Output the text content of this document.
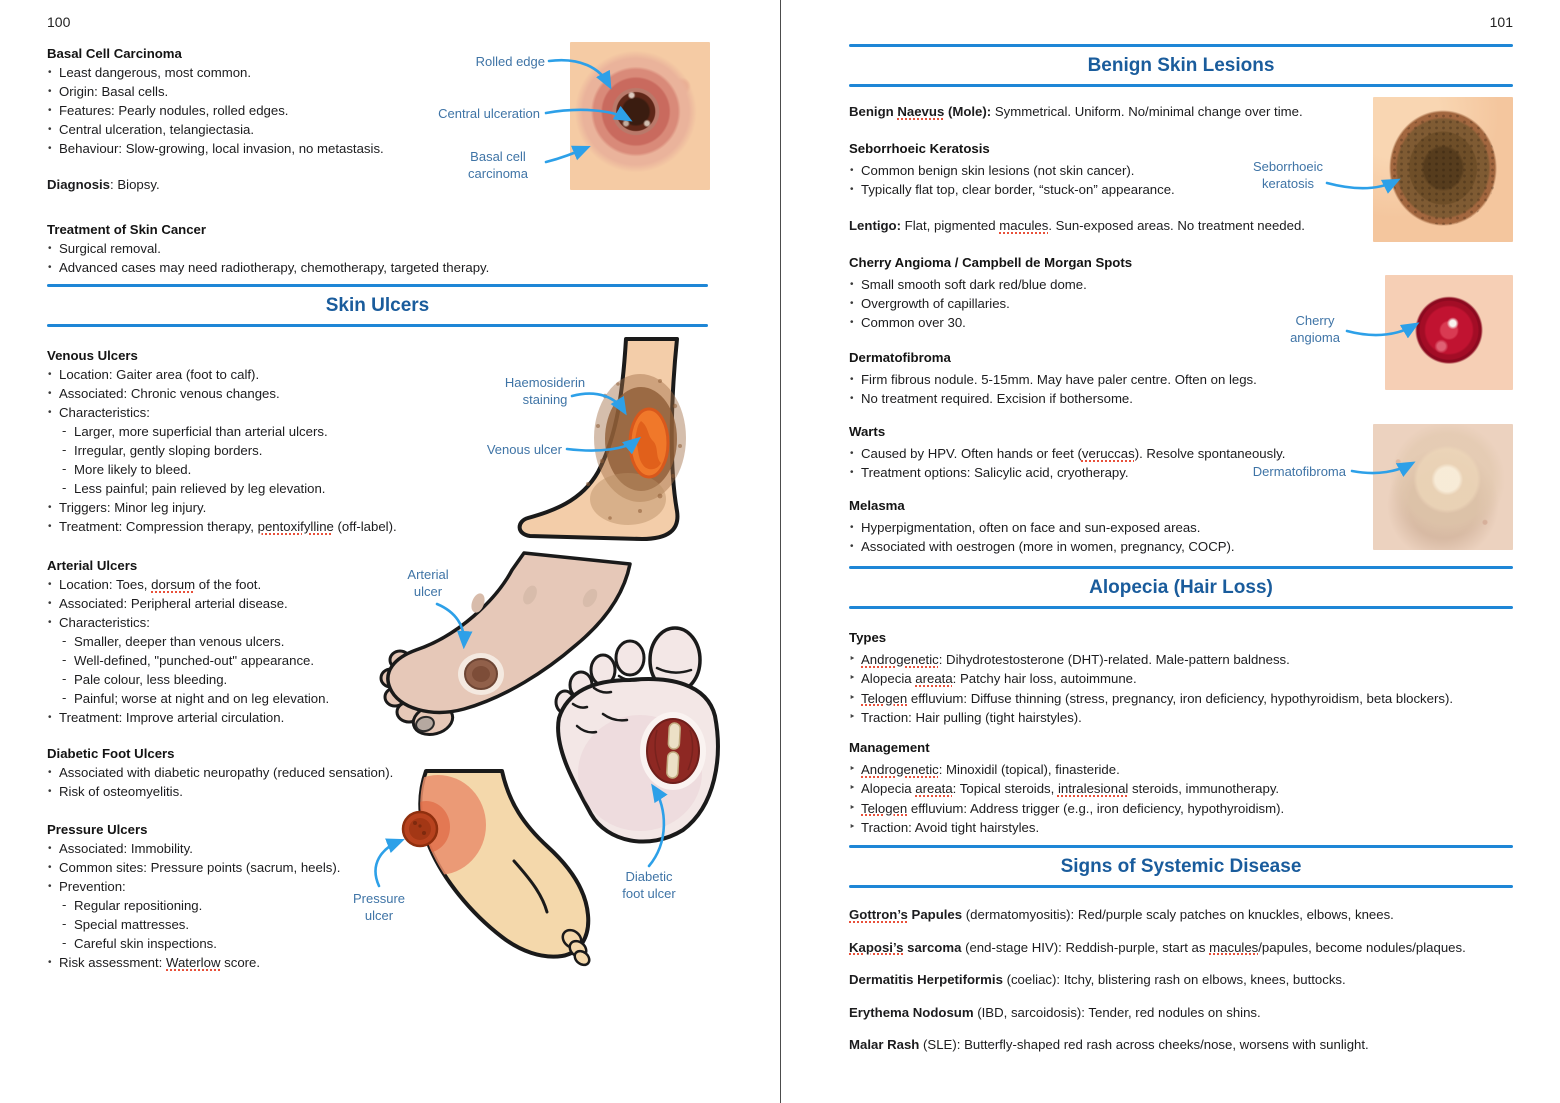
100
Basal Cell Carcinoma
• Least dangerous, most common.
• Origin: Basal cells.
• Features: Pearly nodules, rolled edges.
• Central ulceration, telangiectasia.
• Behaviour: Slow-growing, local invasion, no metastasis.

Diagnosis: Biopsy.

Treatment of Skin Cancer
• Surgical removal.
• Advanced cases may need radiotherapy, chemotherapy, targeted therapy.
Rolled edge
Central ulceration
Basal cell
carcinoma
Skin Ulcers
Venous Ulcers
• Location: Gaiter area (foot to calf).
• Associated: Chronic venous changes.
• Characteristics:
- Larger, more superficial than arterial ulcers.
- Irregular, gently sloping borders.
- More likely to bleed.
- Less painful; pain relieved by leg elevation.
• Triggers: Minor leg injury.
• Treatment: Compression therapy, pentoxifylline (off-label).
Arterial Ulcers
• Location: Toes, dorsum of the foot.
• Associated: Peripheral arterial disease.
• Characteristics:
- Smaller, deeper than venous ulcers.
- Well-defined, "punched-out" appearance.
- Pale colour, less bleeding.
- Painful; worse at night and on leg elevation.
• Treatment: Improve arterial circulation.
Diabetic Foot Ulcers
• Associated with diabetic neuropathy (reduced sensation).
• Risk of osteomyelitis.
Pressure Ulcers
• Associated: Immobility.
• Common sites: Pressure points (sacrum, heels).
• Prevention:
- Regular repositioning.
- Special mattresses.
- Careful skin inspections.
• Risk assessment: Waterlow score.
Haemosiderin
staining
Venous ulcer
Arterial
ulcer
Pressure
ulcer
Diabetic
foot ulcer
101
Benign Skin Lesions

Benign Naevus (Mole): Symmetrical. Uniform. No/minimal change over time.

Seborrhoeic Keratosis
• Common benign skin lesions (not skin cancer).
• Typically flat top, clear border, “stuck-on” appearance.

Lentigo: Flat, pigmented macules. Sun-exposed areas. No treatment needed.

Cherry Angioma / Campbell de Morgan Spots
• Small smooth soft dark red/blue dome.
• Overgrowth of capillaries.
• Common over 30.
Dermatofibroma
• Firm fibrous nodule. 5-15mm. May have paler centre. Often on legs.
• No treatment required. Excision if bothersome.
Warts
• Caused by HPV. Often hands or feet (veruccas). Resolve spontaneously.
• Treatment options: Salicylic acid, cryotherapy.
Melasma
• Hyperpigmentation, often on face and sun-exposed areas.
• Associated with oestrogen (more in women, pregnancy, COCP).
Alopecia (Hair Loss)
Types
‣ Androgenetic: Dihydrotestosterone (DHT)-related. Male-pattern baldness.
‣ Alopecia areata: Patchy hair loss, autoimmune.
‣ Telogen effluvium: Diffuse thinning (stress, pregnancy, iron deficiency, hypothyroidism, beta blockers).
‣ Traction: Hair pulling (tight hairstyles).
Management
‣ Androgenetic: Minoxidil (topical), finasteride.
‣ Alopecia areata: Topical steroids, intralesional steroids, immunotherapy.
‣ Telogen effluvium: Address trigger (e.g., iron deficiency, hypothyroidism).
‣ Traction: Avoid tight hairstyles.
Signs of Systemic Disease

Gottron’s Papules (dermatomyositis): Red/purple scaly patches on knuckles, elbows, knees.

Kaposi’s sarcoma (end-stage HIV): Reddish-purple, start as macules/papules, become nodules/plaques.

Dermatitis Herpetiformis (coeliac): Itchy, blistering rash on elbows, knees, buttocks.

Erythema Nodosum (IBD, sarcoidosis): Tender, red nodules on shins.

Malar Rash (SLE): Butterfly-shaped red rash across cheeks/nose, worsens with sunlight.

Seborrhoeic
keratosis
Cherry
angioma
Dermatofibroma
